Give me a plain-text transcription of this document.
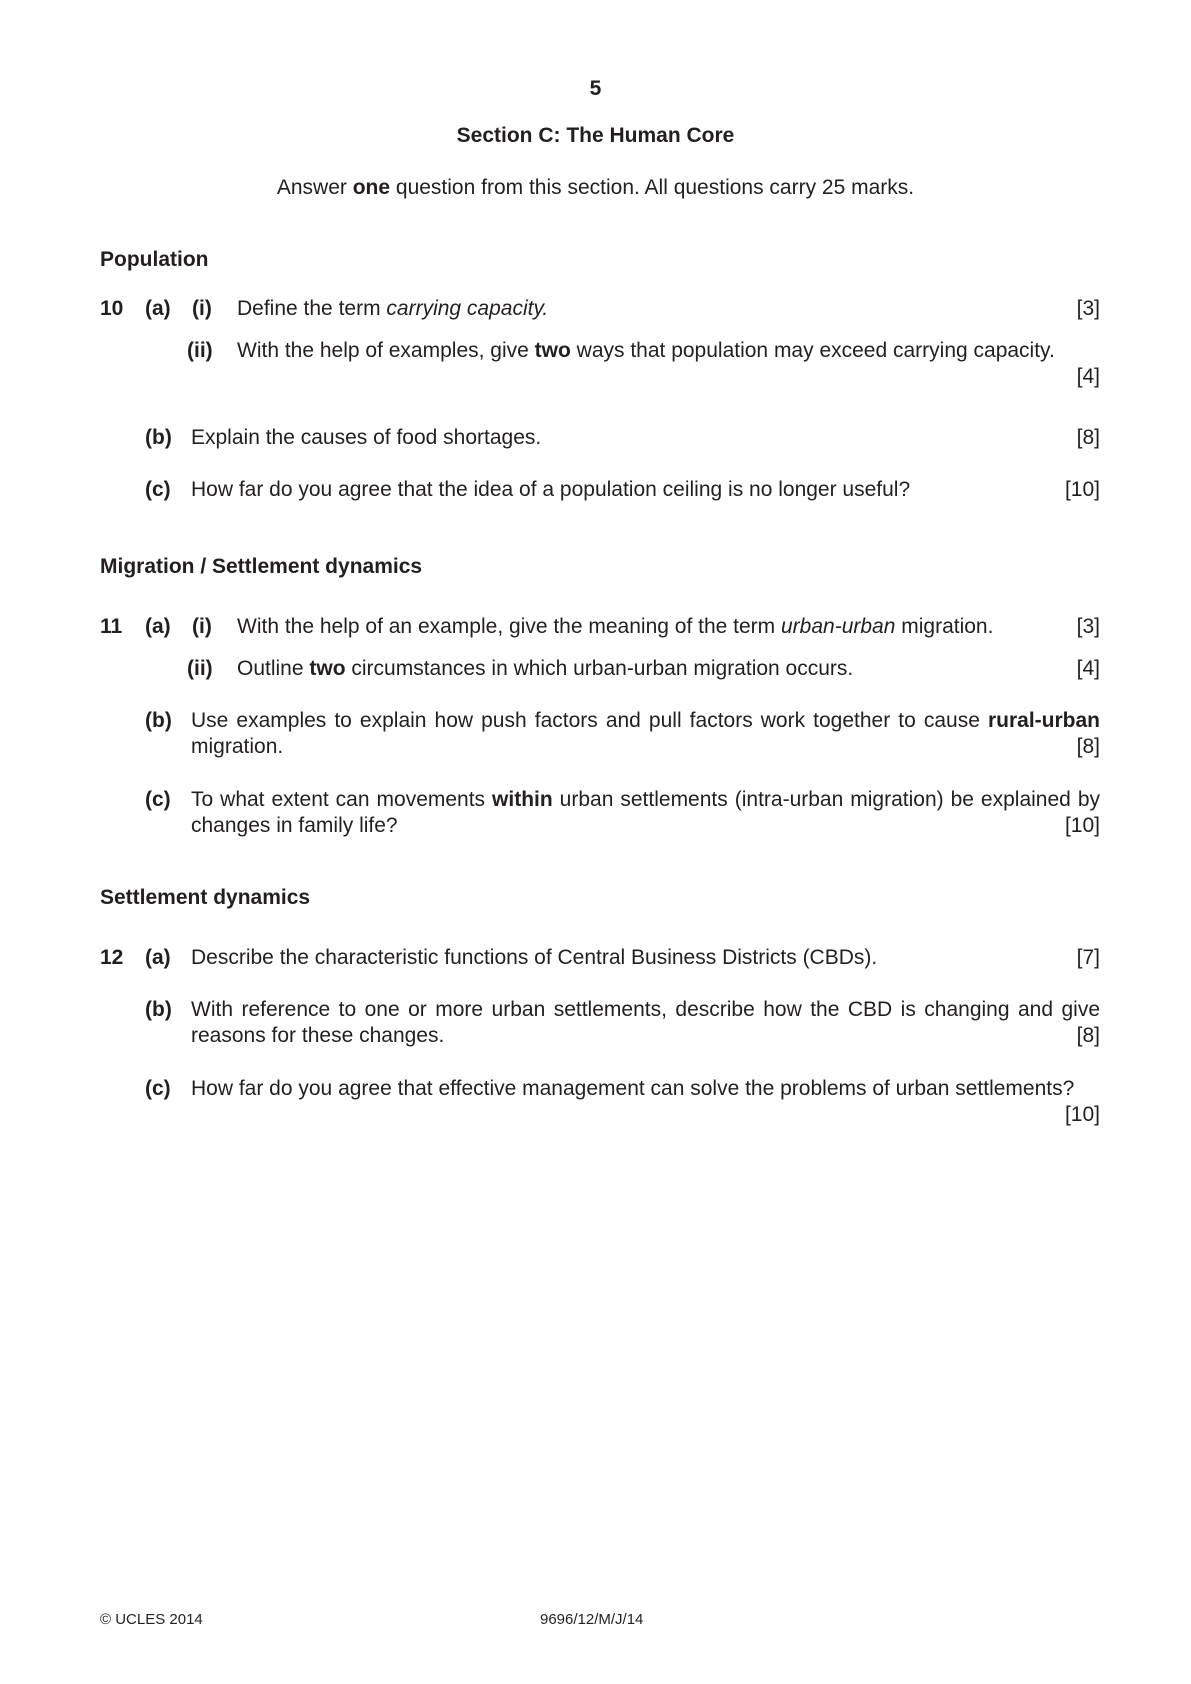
5
Section C: The Human Core
Answer one question from this section. All questions carry 25 marks.
Population
10 (a) (i) Define the term carrying capacity.	[3]
(ii) With the help of examples, give two ways that population may exceed carrying capacity.
[4]
(b) Explain the causes of food shortages.	[8]
(c) How far do you agree that the idea of a population ceiling is no longer useful?	[10]
Migration / Settlement dynamics
11 (a) (i) With the help of an example, give the meaning of the term urban-urban migration.	[3]
(ii) Outline two circumstances in which urban-urban migration occurs.	[4]
(b) Use examples to explain how push factors and pull factors work together to cause rural-urban migration.	[8]
(c) To what extent can movements within urban settlements (intra-urban migration) be explained by changes in family life?	[10]
Settlement dynamics
12 (a) Describe the characteristic functions of Central Business Districts (CBDs).	[7]
(b) With reference to one or more urban settlements, describe how the CBD is changing and give reasons for these changes.	[8]
(c) How far do you agree that effective management can solve the problems of urban settlements?
[10]
© UCLES 2014	9696/12/M/J/14
